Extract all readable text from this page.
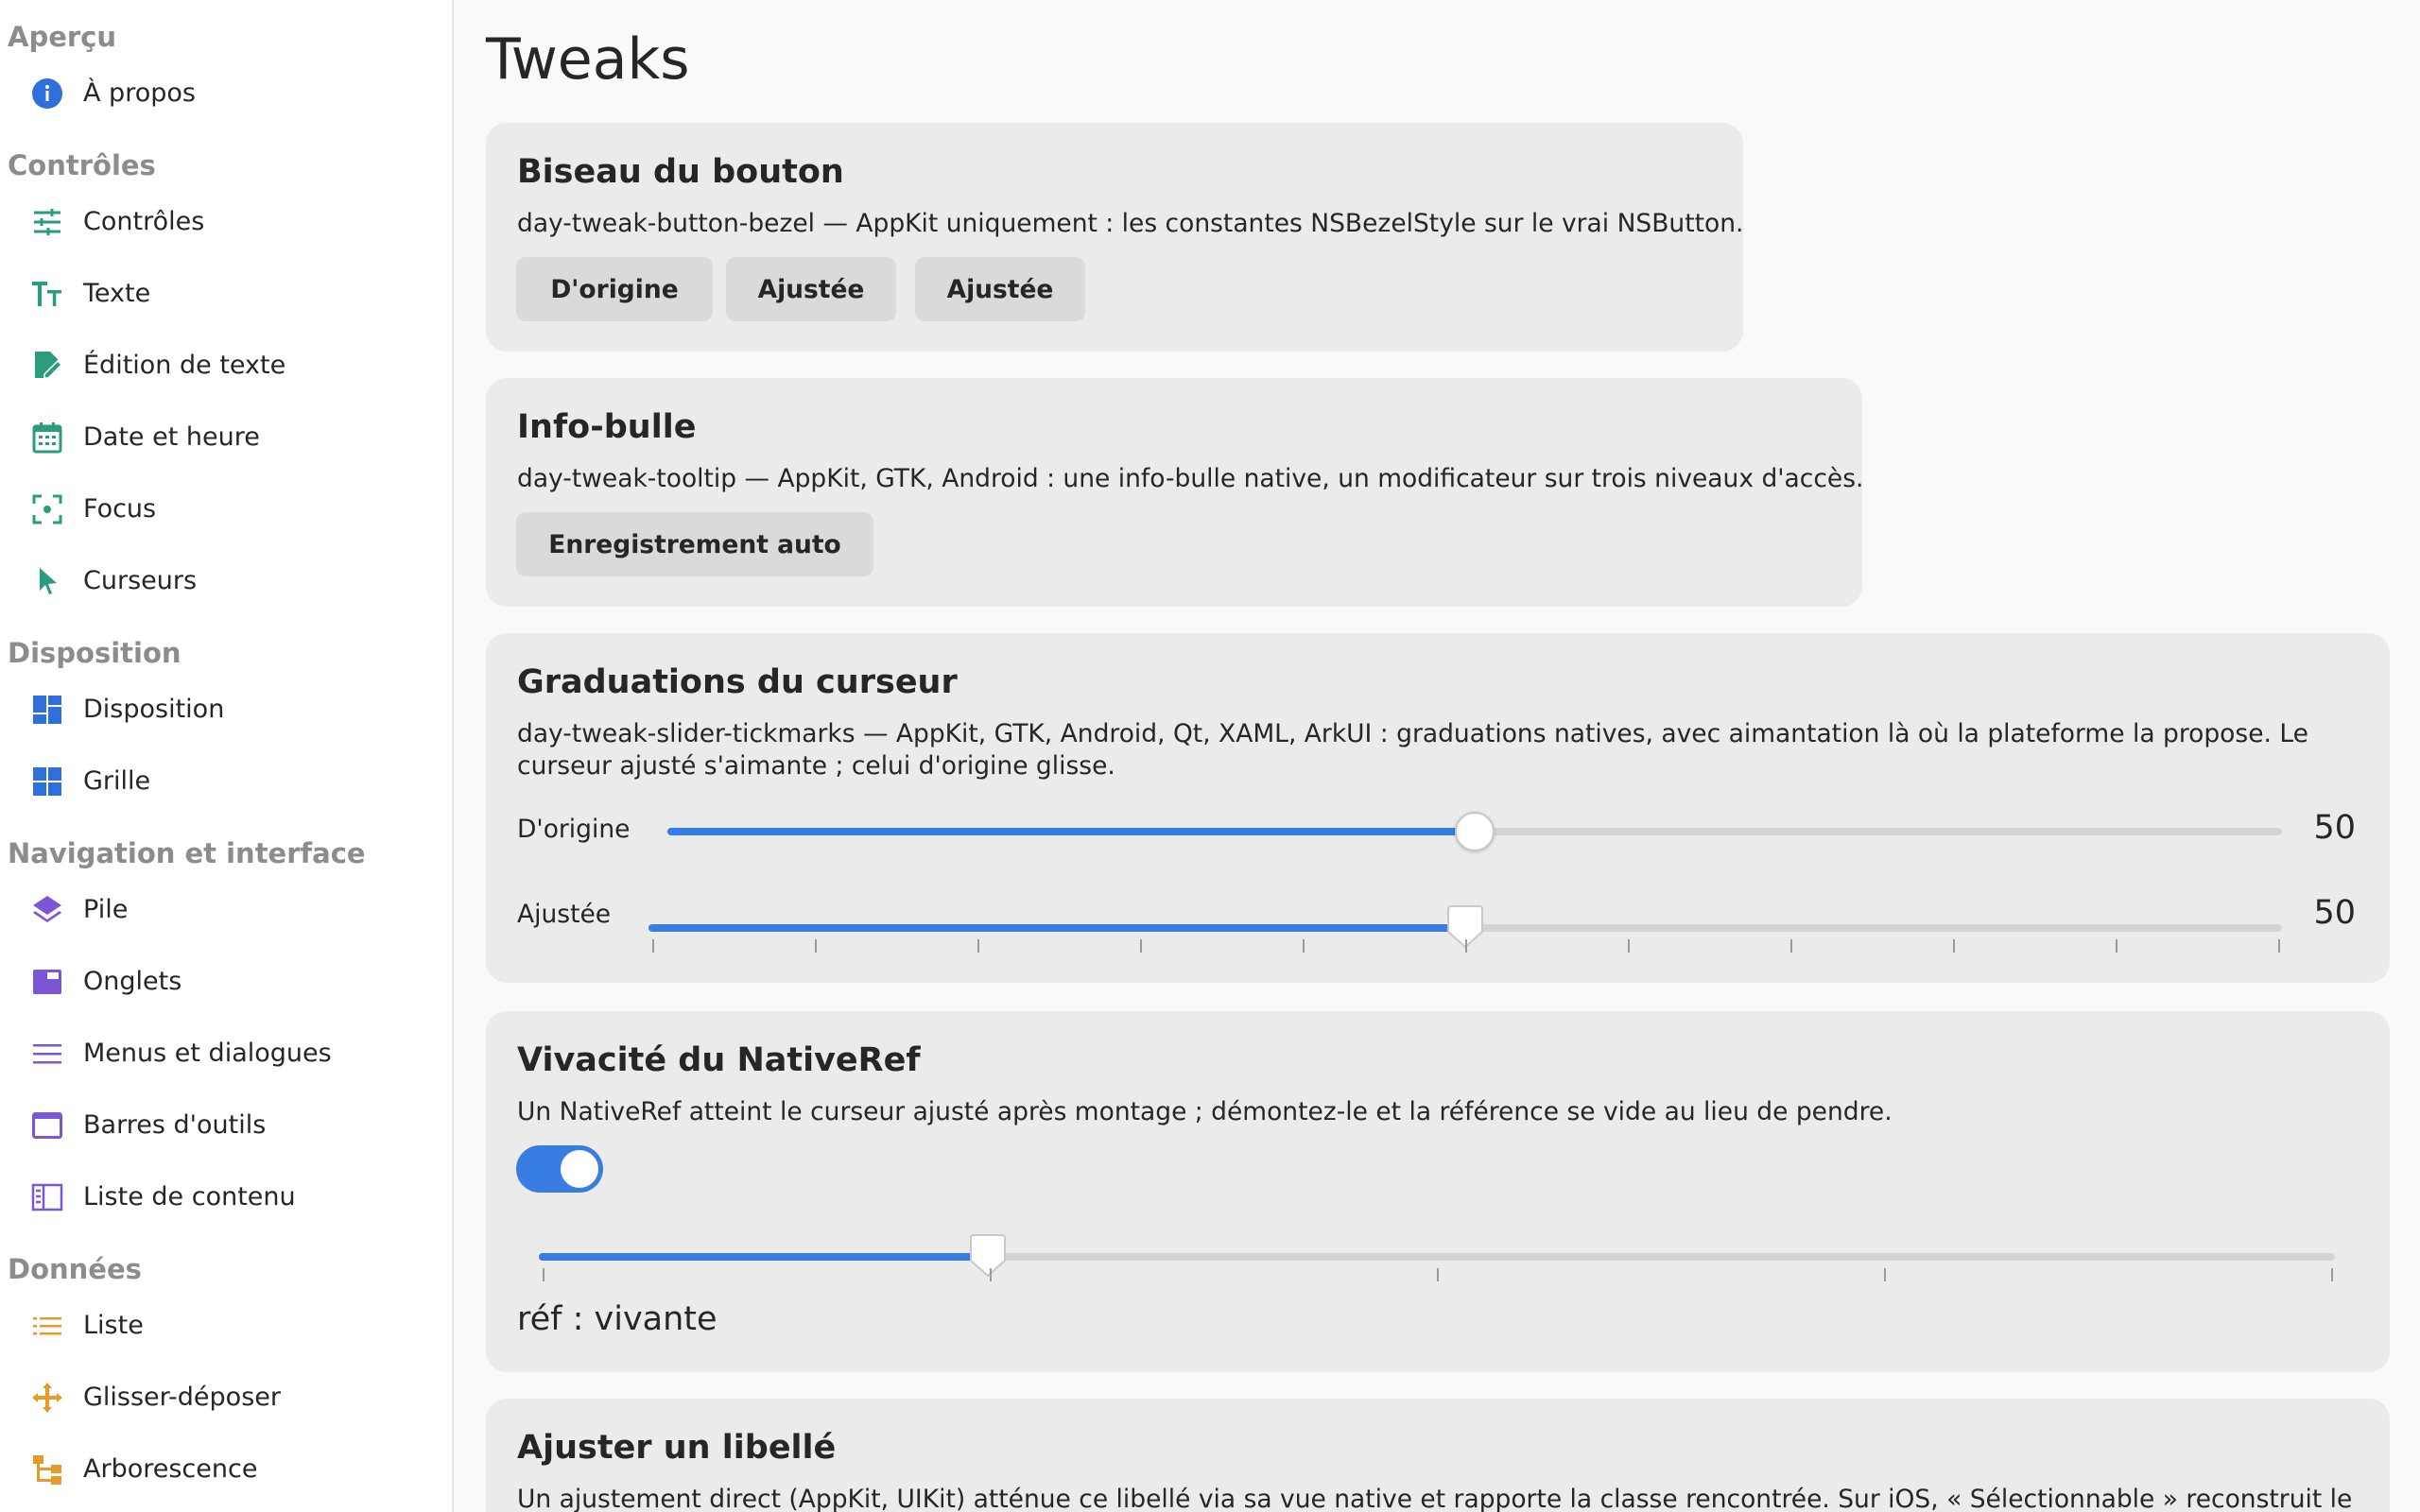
Aperçu
À propos
Contrôles
Contrôles
Texte
Édition de texte
Date et heure
Focus
Curseurs
Disposition
Disposition
Grille
Navigation et interface
Pile
Onglets
Menus et dialogues
Barres d'outils
Liste de contenu
Données
Liste
Glisser-déposer
Arborescence
Tweaks
Biseau du bouton
day-tweak-button-bezel — AppKit uniquement : les constantes NSBezelStyle sur le vrai NSButton.
D'origine	Ajustée	Ajustée
Info-bulle
day-tweak-tooltip — AppKit, GTK, Android : une info-bulle native, un modificateur sur trois niveaux d'accès.
Enregistrement auto
Graduations du curseur
day-tweak-slider-tickmarks — AppKit, GTK, Android, Qt, XAML, ArkUI : graduations natives, avec aimantation là où la plateforme la propose. Le curseur ajusté s'aimante ; celui d'origine glisse.
D'origine	50
Ajustée	50
Vivacité du NativeRef
Un NativeRef atteint le curseur ajusté après montage ; démontez-le et la référence se vide au lieu de pendre.
réf : vivante
Ajuster un libellé
Un ajustement direct (AppKit, UIKit) atténue ce libellé via sa vue native et rapporte la classe rencontrée. Sur iOS, « Sélectionnable » reconstruit le
